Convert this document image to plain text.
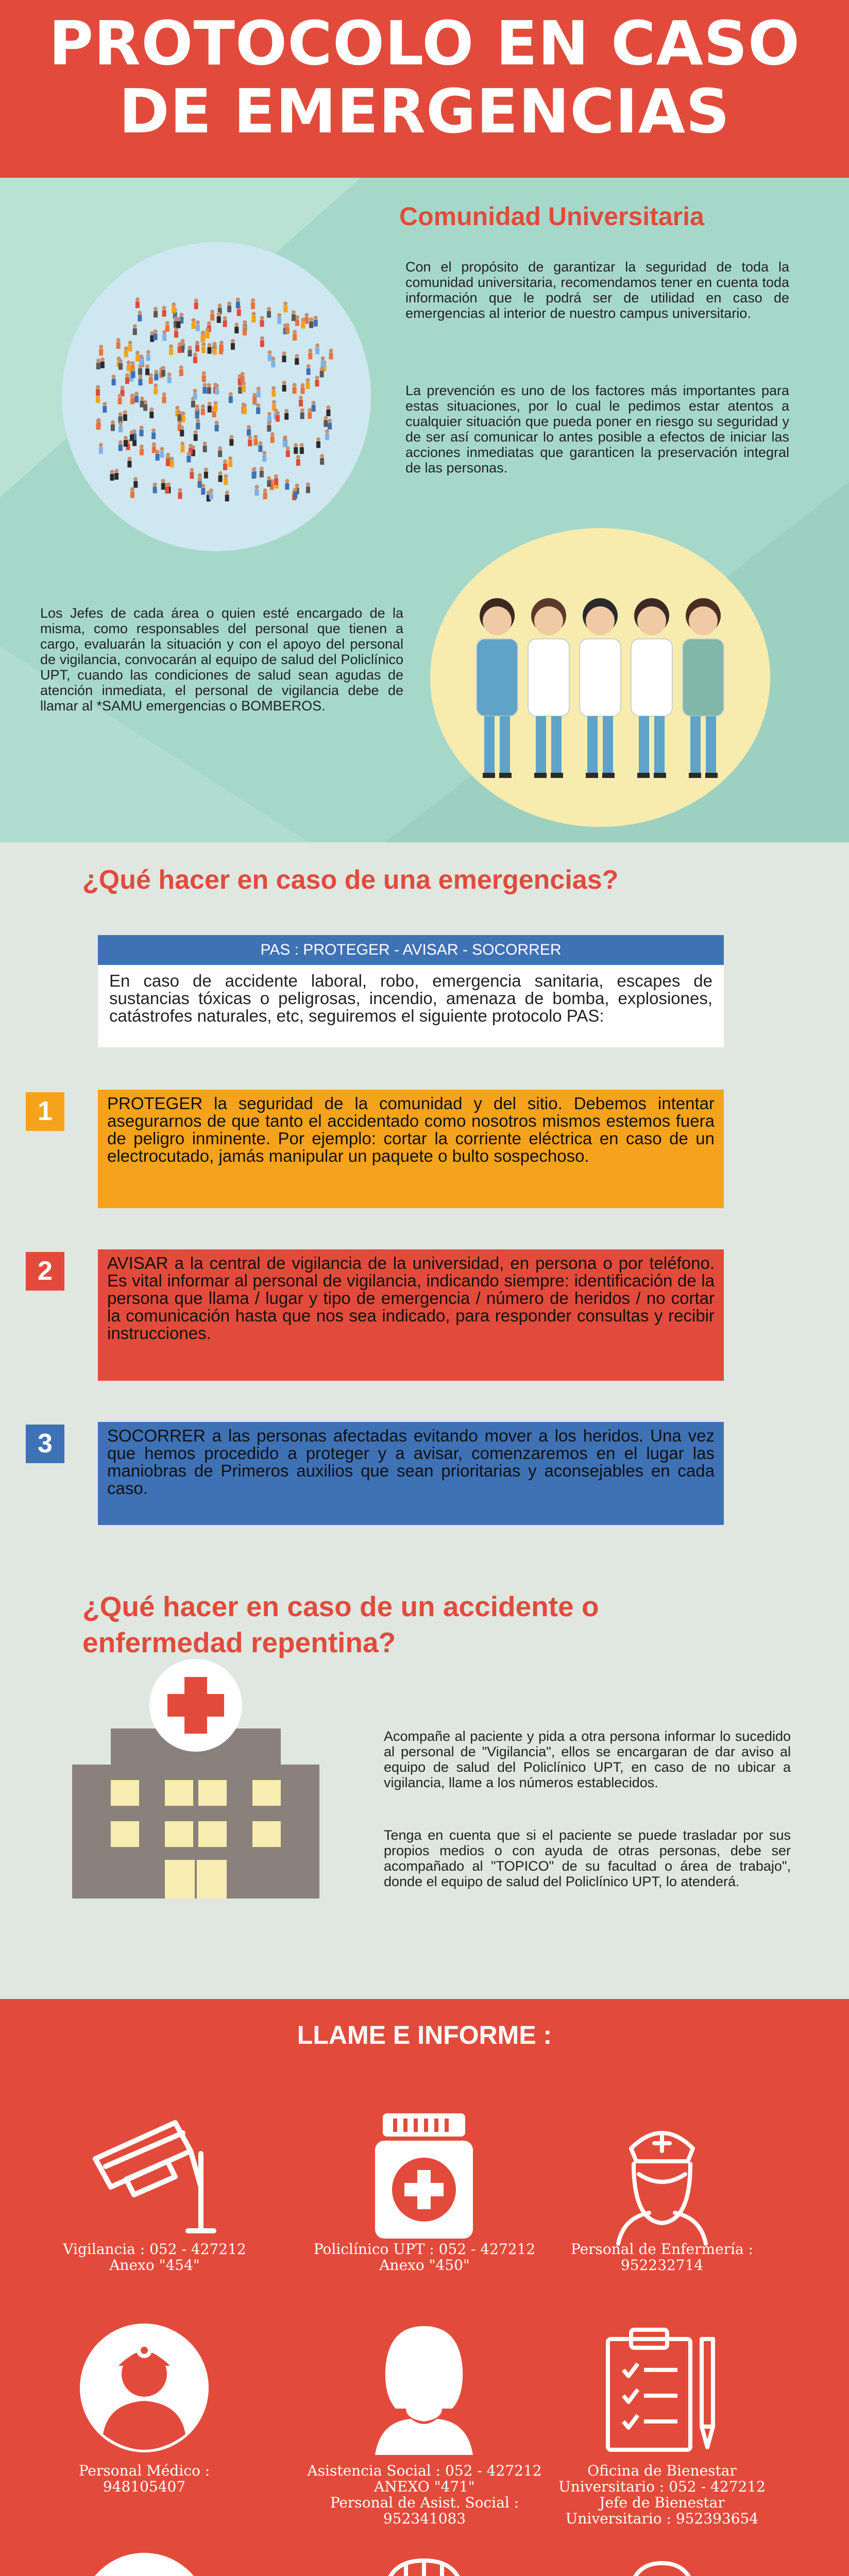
PROTOCOLO EN CASO
DE EMERGENCIAS
Comunidad Universitaria

Con el propósito de garantizar la seguridad de toda la comunidad universitaria, recomendamos tener en cuenta toda información que le podrá ser de utilidad en caso de emergencias al interior de nuestro campus universitario.

La prevención es uno de los factores más importantes para estas situaciones, por lo cual le pedimos estar atentos a cualquier situación que pueda poner en riesgo su seguridad y de ser así comunicar lo antes posible a efectos de iniciar las acciones inmediatas que garanticen la preservación integral de las personas.

Los Jefes de cada área o quien esté encargado de la misma, como responsables del personal que tienen a cargo, evaluarán la situación y con el apoyo del personal de vigilancia, convocarán al equipo de salud del Policlínico UPT, cuando las condiciones de salud sean agudas de atención inmediata, el personal de vigilancia debe de llamar al *SAMU emergencias o BOMBEROS.

¿Qué hacer en caso de una emergencias?
PAS : PROTEGER - AVISAR - SOCORRER

En caso de accidente laboral, robo, emergencia sanitaria, escapes de sustancias tóxicas o peligrosas, incendio, amenaza de bomba, explosiones, catástrofes naturales, etc, seguiremos el siguiente protocolo PAS:

1	PROTEGER la seguridad de la comunidad y del sitio. Debemos intentar asegurarnos de que tanto el accidentado como nosotros mismos estemos fuera de peligro inminente. Por ejemplo: cortar la corriente eléctrica en caso de un electrocutado, jamás manipular un paquete o bulto sospechoso.

2	AVISAR a la central de vigilancia de la universidad, en persona o por teléfono. Es vital informar al personal de vigilancia, indicando siempre: identificación de la persona que llama / lugar y tipo de emergencia / número de heridos / no cortar la comunicación hasta que nos sea indicado, para responder consultas y recibir instrucciones.

3	SOCORRER a las personas afectadas evitando mover a los heridos. Una vez que hemos procedido a proteger y a avisar, comenzaremos en el lugar las maniobras de Primeros auxilios que sean prioritarias y aconsejables en cada caso.

¿Qué hacer en caso de un accidente o
enfermedad repentina?

Acompañe al paciente y pida a otra persona informar lo sucedido al personal de "Vigilancia", ellos se encargaran de dar aviso al equipo de salud del Policlínico UPT, en caso de no ubicar a vigilancia, llame a los números establecidos.

Tenga en cuenta que si el paciente se puede trasladar por sus propios medios o con ayuda de otras personas, debe ser acompañado al "TOPICO" de su facultad o área de trabajo", donde el equipo de salud del Policlínico UPT, lo atenderá.

LLAME E INFORME :

Vigilancia : 052 - 427212
Anexo "454"

Policlínico UPT : 052 - 427212
Anexo "450"

Personal de Enfermería :
952232714

Personal Médico :
948105407

Asistencia Social : 052 - 427212
ANEXO "471"
Personal de Asist. Social :
952341083

Oficina de Bienestar
Universitario : 052 - 427212
Jefe de Bienestar
Universitario : 952393654
